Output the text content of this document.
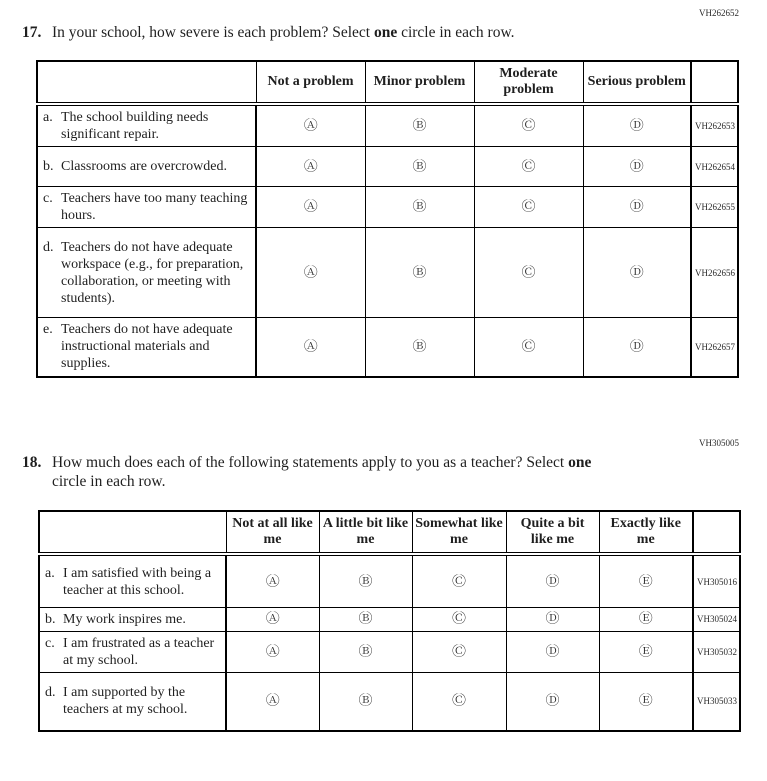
VH262652
17. In your school, how severe is each problem? Select one circle in each row.
	Not a problem	Minor problem	Moderate problem	Serious problem	

a. The school building needs significant repair.	Ⓐ	Ⓑ	Ⓒ	Ⓓ	VH262653

b. Classrooms are overcrowded.	Ⓐ	Ⓑ	Ⓒ	Ⓓ	VH262654

c. Teachers have too many teaching hours.	Ⓐ	Ⓑ	Ⓒ	Ⓓ	VH262655

d. Teachers do not have adequate workspace (e.g., for preparation, collaboration, or meeting with students).	Ⓐ	Ⓑ	Ⓒ	Ⓓ	VH262656

e. Teachers do not have adequate instructional materials and supplies.	Ⓐ	Ⓑ	Ⓒ	Ⓓ	VH262657
VH305005
18. How much does each of the following statements apply to you as a teacher? Select one
circle in each row.
	Not at all like me	A little bit like me	Somewhat like me	Quite a bit like me	Exactly like me	

a. I am satisfied with being a teacher at this school.	Ⓐ	Ⓑ	Ⓒ	Ⓓ	Ⓔ	VH305016

b. My work inspires me.	Ⓐ	Ⓑ	Ⓒ	Ⓓ	Ⓔ	VH305024

c. I am frustrated as a teacher at my school.	Ⓐ	Ⓑ	Ⓒ	Ⓓ	Ⓔ	VH305032

d. I am supported by the teachers at my school.	Ⓐ	Ⓑ	Ⓒ	Ⓓ	Ⓔ	VH305033
